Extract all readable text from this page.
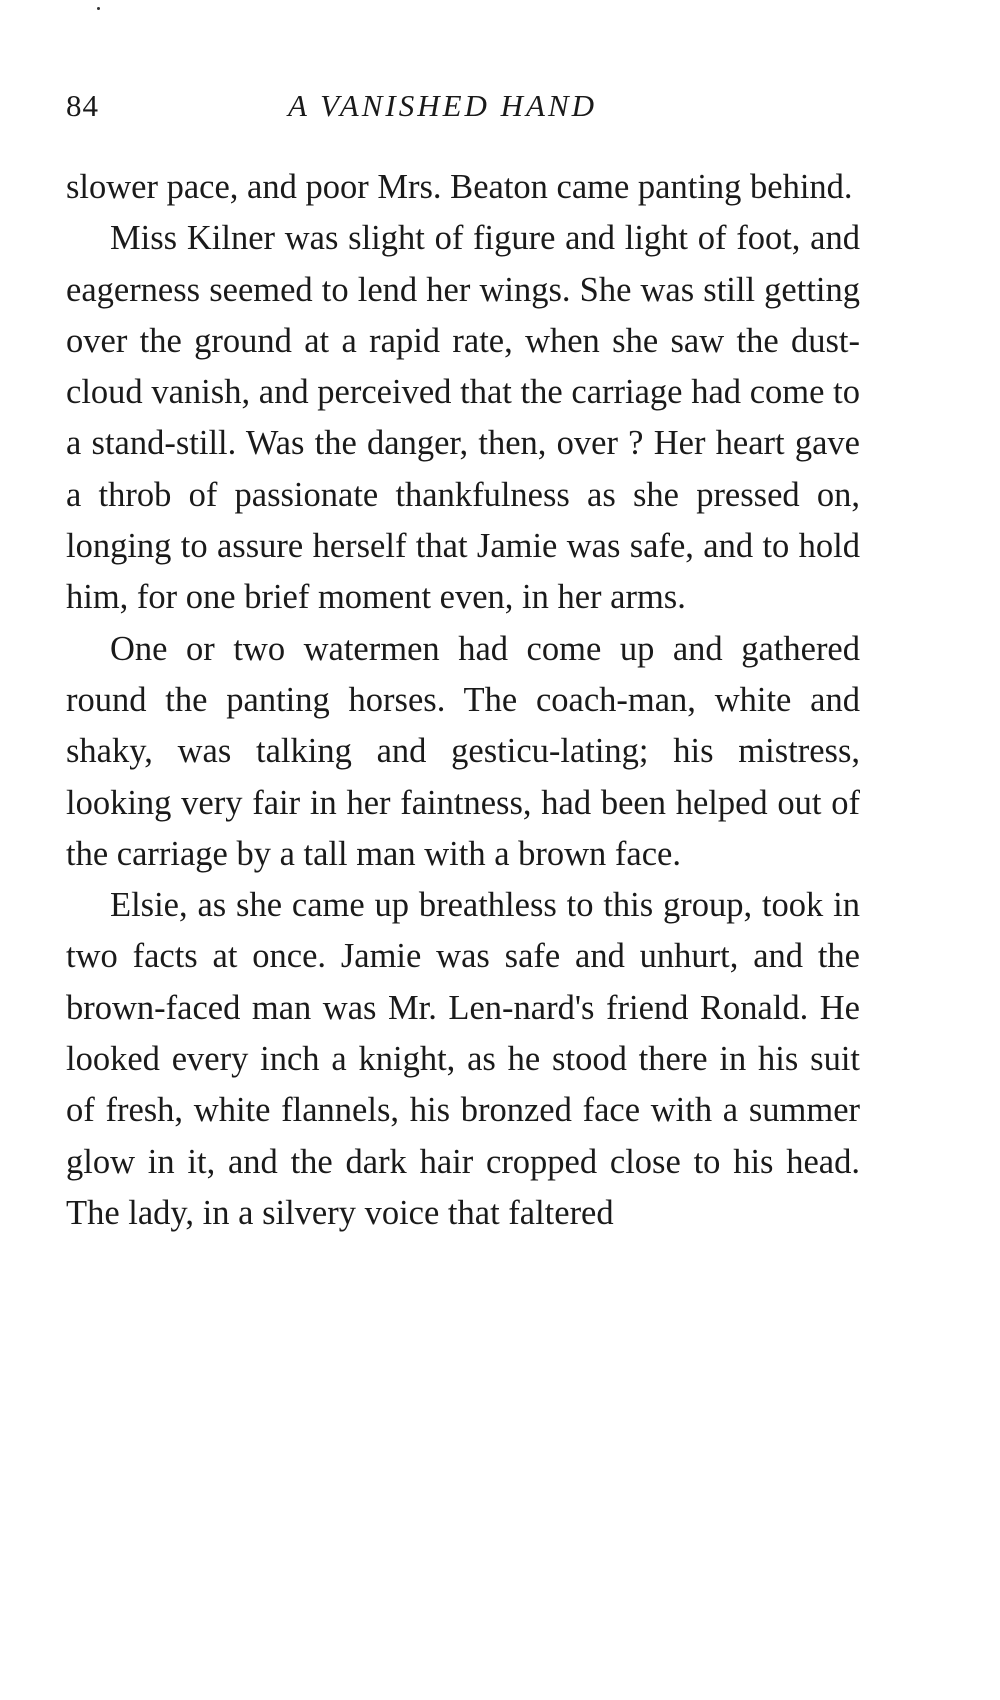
84	A VANISHED HAND

slower pace, and poor Mrs. Beaton came panting behind.

Miss Kilner was slight of figure and light of foot, and eagerness seemed to lend her wings. She was still getting over the ground at a rapid rate, when she saw the dust-cloud vanish, and perceived that the carriage had come to a stand-still. Was the danger, then, over ? Her heart gave a throb of passionate thankfulness as she pressed on, longing to assure herself that Jamie was safe, and to hold him, for one brief moment even, in her arms.

One or two watermen had come up and gathered round the panting horses. The coach-man, white and shaky, was talking and gesticu-lating; his mistress, looking very fair in her faintness, had been helped out of the carriage by a tall man with a brown face.

Elsie, as she came up breathless to this group, took in two facts at once. Jamie was safe and unhurt, and the brown-faced man was Mr. Len-nard's friend Ronald. He looked every inch a knight, as he stood there in his suit of fresh, white flannels, his bronzed face with a summer glow in it, and the dark hair cropped close to his head. The lady, in a silvery voice that faltered
